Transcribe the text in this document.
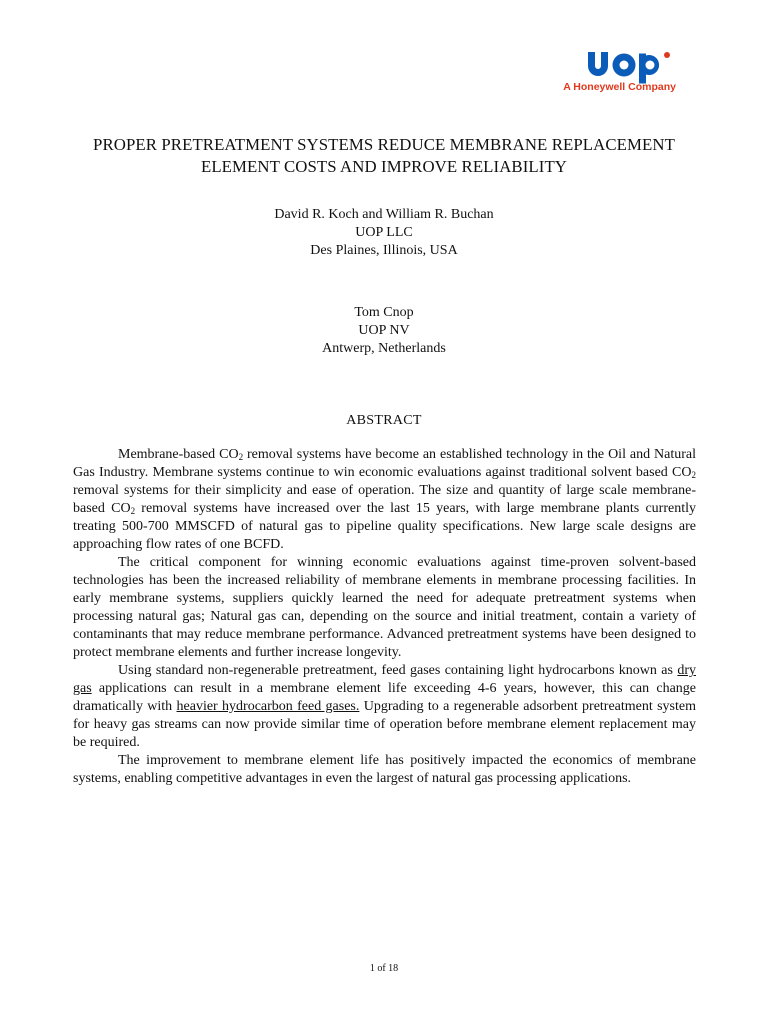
A Honeywell Company
PROPER PRETREATMENT SYSTEMS REDUCE MEMBRANE REPLACEMENT
ELEMENT COSTS AND IMPROVE RELIABILITY
David R. Koch and William R. Buchan
UOP LLC
Des Plaines, Illinois, USA
Tom Cnop
UOP NV
Antwerp, Netherlands
ABSTRACT

Membrane-based $CO_2$ removal systems have become an established technology in the Oil and Natural Gas Industry. Membrane systems continue to win economic evaluations against traditional solvent based $CO_2$ removal systems for their simplicity and ease of operation. The size and quantity of large scale membrane-based $CO_2$ removal systems have increased over the last 15 years, with large membrane plants currently treating 500-700 MMSCFD of natural gas to pipeline quality specifications. New large scale designs are approaching flow rates of one BCFD.

The critical component for winning economic evaluations against time-proven solvent-based technologies has been the increased reliability of membrane elements in membrane processing facilities. In early membrane systems, suppliers quickly learned the need for adequate pretreatment systems when processing natural gas; Natural gas can, depending on the source and initial treatment, contain a variety of contaminants that may reduce membrane performance. Advanced pretreatment systems have been designed to protect membrane elements and further increase longevity.

Using standard non-regenerable pretreatment, feed gases containing light hydrocarbons known as dry gas applications can result in a membrane element life exceeding 4-6 years, however, this can change dramatically with heavier hydrocarbon feed gases. Upgrading to a regenerable adsorbent pretreatment system for heavy gas streams can now provide similar time of operation before membrane element replacement may be required.

The improvement to membrane element life has positively impacted the economics of membrane systems, enabling competitive advantages in even the largest of natural gas processing applications.

1 of 18
